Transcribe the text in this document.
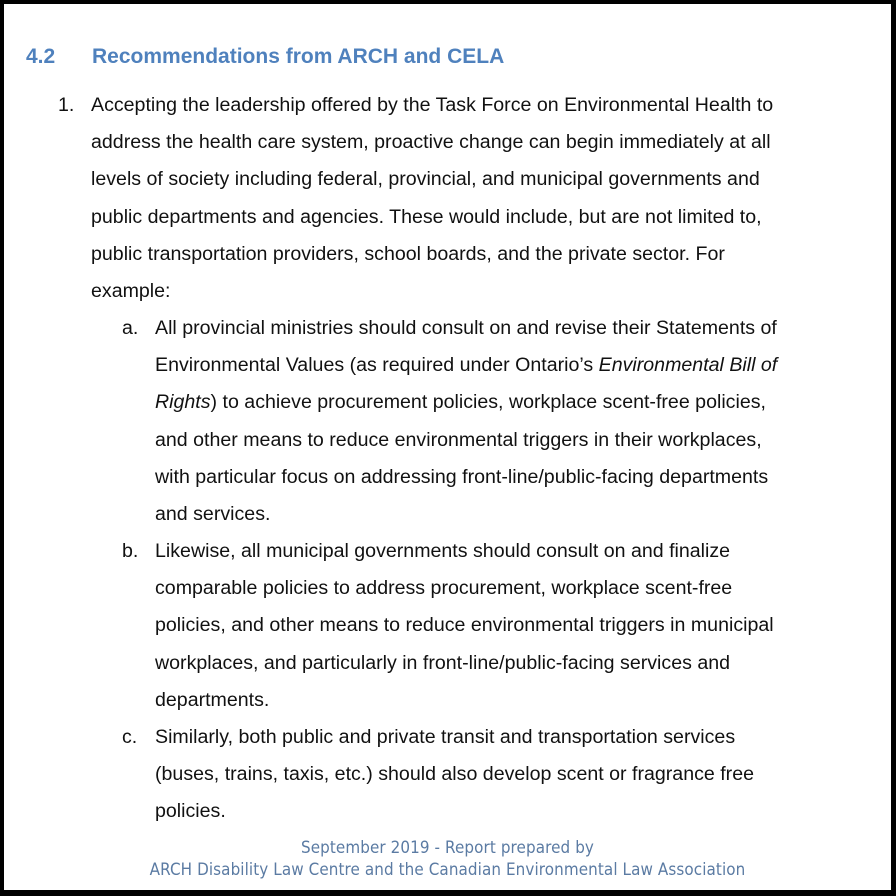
4.2 Recommendations from ARCH and CELA
1. Accepting the leadership offered by the Task Force on Environmental Health to
address the health care system, proactive change can begin immediately at all
levels of society including federal, provincial, and municipal governments and
public departments and agencies. These would include, but are not limited to,
public transportation providers, school boards, and the private sector. For
example:
a. All provincial ministries should consult on and revise their Statements of
Environmental Values (as required under Ontario’s Environmental Bill of
Rights) to achieve procurement policies, workplace scent-free policies,
and other means to reduce environmental triggers in their workplaces,
with particular focus on addressing front-line/public-facing departments
and services.
b. Likewise, all municipal governments should consult on and finalize
comparable policies to address procurement, workplace scent-free
policies, and other means to reduce environmental triggers in municipal
workplaces, and particularly in front-line/public-facing services and
departments.
c. Similarly, both public and private transit and transportation services
(buses, trains, taxis, etc.) should also develop scent or fragrance free
policies.
September 2019 - Report prepared by
ARCH Disability Law Centre and the Canadian Environmental Law Association
